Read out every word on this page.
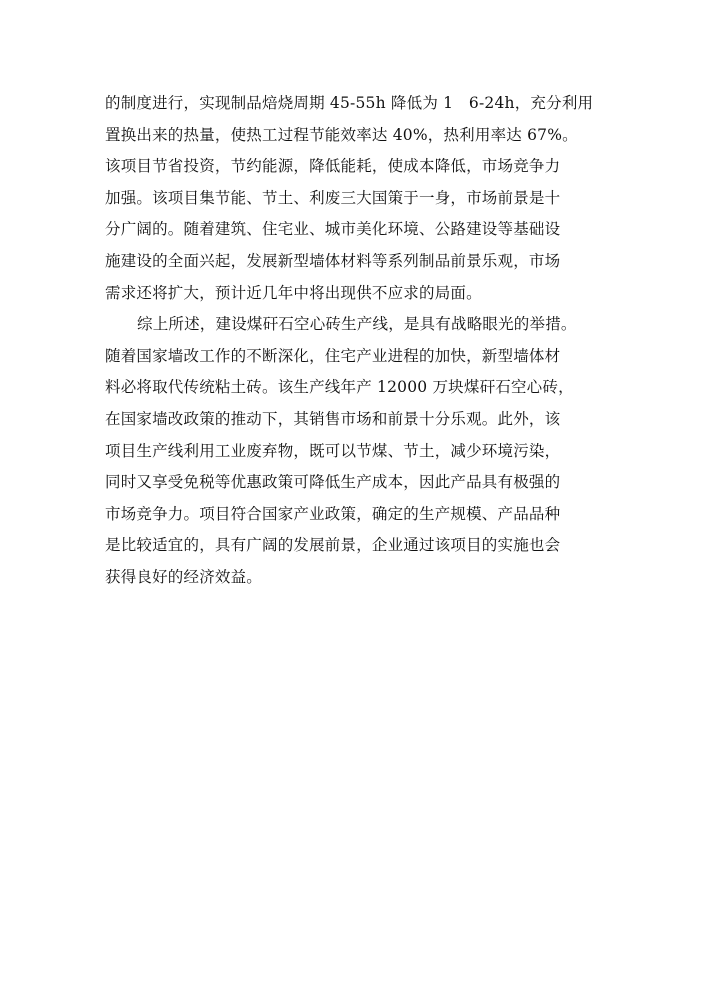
的制度进行，实现制品焙烧周期 45-55h 降低为 1　6-24h，充分利用
置换出来的热量，使热工过程节能效率达 40%，热利用率达 67%。
该项目节省投资，节约能源，降低能耗，使成本降低，市场竞争力
加强。该项目集节能、节土、利废三大国策于一身，市场前景是十
分广阔的。随着建筑、住宅业、城市美化环境、公路建设等基础设
施建设的全面兴起，发展新型墙体材料等系列制品前景乐观，市场
需求还将扩大，预计近几年中将出现供不应求的局面。
综上所述，建设煤矸石空心砖生产线，是具有战略眼光的举措。
随着国家墙改工作的不断深化，住宅产业进程的加快，新型墙体材
料必将取代传统粘土砖。该生产线年产 12000 万块煤矸石空心砖，
在国家墙改政策的推动下，其销售市场和前景十分乐观。此外，该
项目生产线利用工业废弃物，既可以节煤、节土，减少环境污染，
同时又享受免税等优惠政策可降低生产成本，因此产品具有极强的
市场竞争力。项目符合国家产业政策，确定的生产规模、产品品种
是比较适宜的，具有广阔的发展前景，企业通过该项目的实施也会
获得良好的经济效益。
